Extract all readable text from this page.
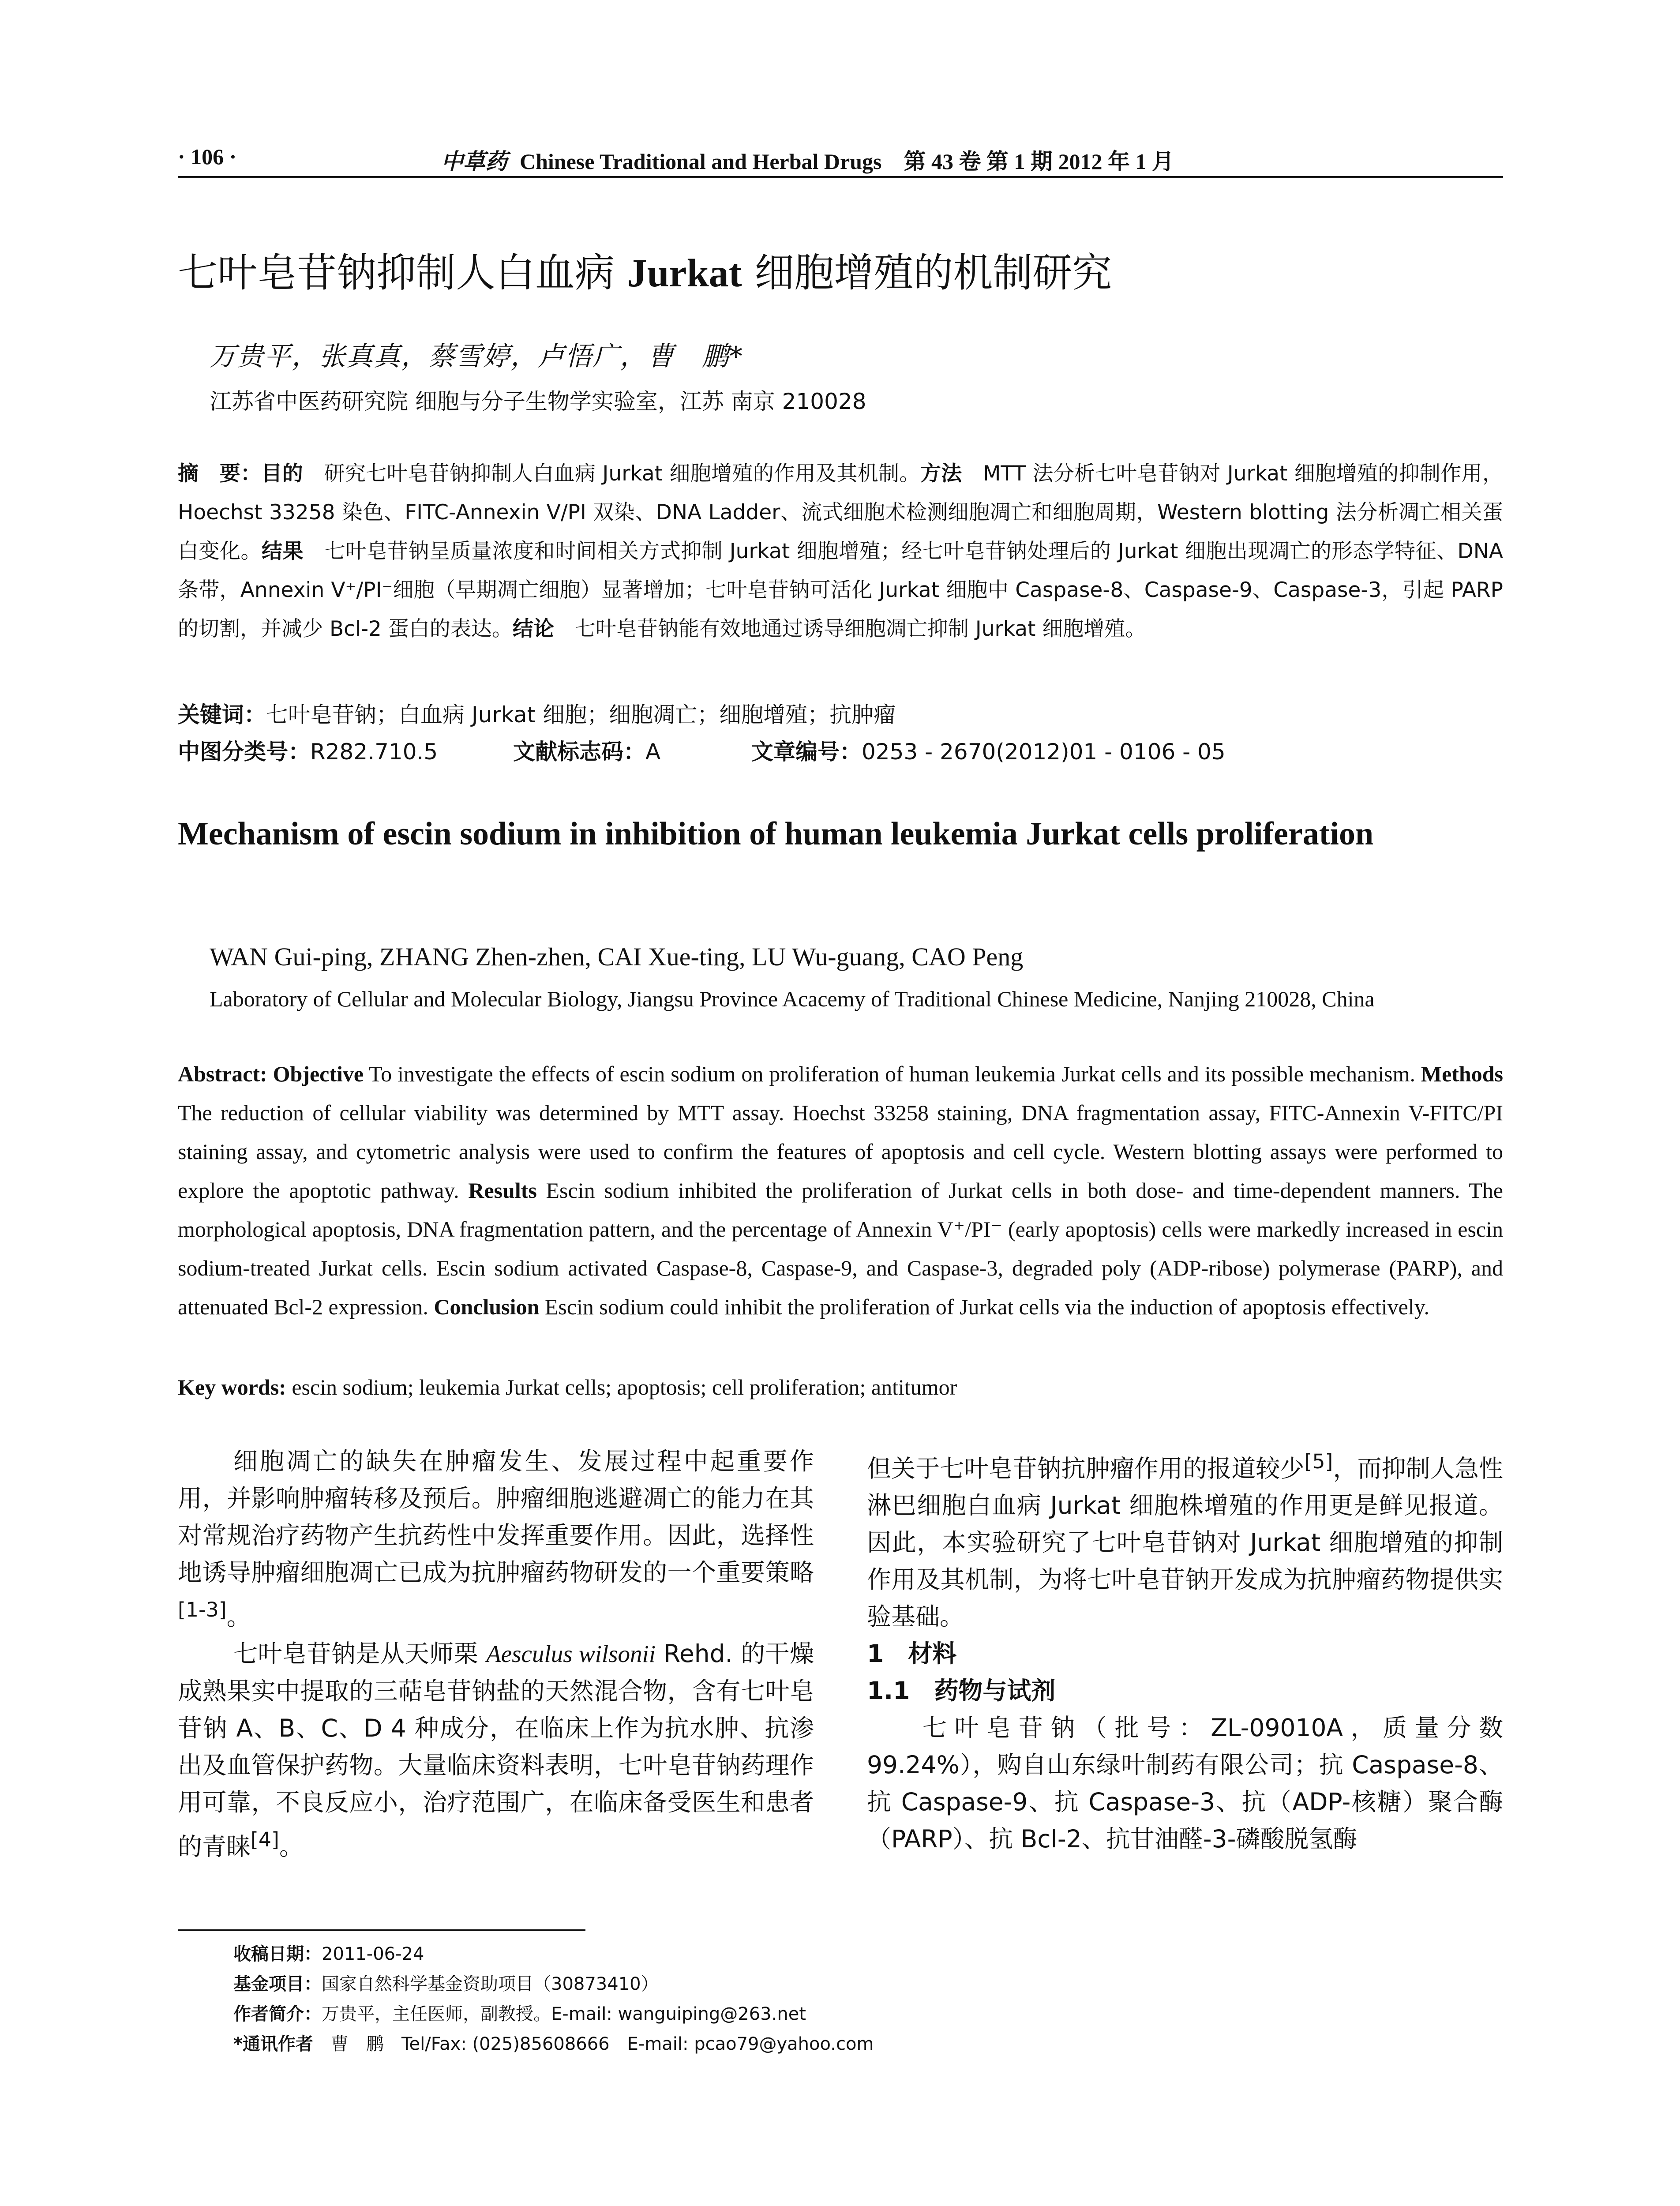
· 106 ·	中草药 Chinese Traditional and Herbal Drugs 第 43 卷 第 1 期 2012 年 1 月
七叶皂苷钠抑制人白血病 Jurkat 细胞增殖的机制研究
万贵平，张真真，蔡雪婷，卢悟广，曹　鹏*
江苏省中医药研究院 细胞与分子生物学实验室，江苏 南京 210028
摘　要：目的　研究七叶皂苷钠抑制人白血病 Jurkat 细胞增殖的作用及其机制。方法　MTT 法分析七叶皂苷钠对 Jurkat 细胞增殖的抑制作用，Hoechst 33258 染色、FITC-Annexin V/PI 双染、DNA Ladder、流式细胞术检测细胞凋亡和细胞周期，Western blotting 法分析凋亡相关蛋白变化。结果　七叶皂苷钠呈质量浓度和时间相关方式抑制 Jurkat 细胞增殖；经七叶皂苷钠处理后的 Jurkat 细胞出现凋亡的形态学特征、DNA 条带，Annexin V⁺/PI⁻细胞（早期凋亡细胞）显著增加；七叶皂苷钠可活化 Jurkat 细胞中 Caspase-8、Caspase-9、Caspase-3，引起 PARP 的切割，并减少 Bcl-2 蛋白的表达。结论　七叶皂苷钠能有效地通过诱导细胞凋亡抑制 Jurkat 细胞增殖。
关键词：七叶皂苷钠；白血病 Jurkat 细胞；细胞凋亡；细胞增殖；抗肿瘤
中图分类号：R282.710.5	文献标志码：A	文章编号：0253 - 2670(2012)01 - 0106 - 05
Mechanism of escin sodium in inhibition of human leukemia Jurkat cells proliferation
WAN Gui-ping, ZHANG Zhen-zhen, CAI Xue-ting, LU Wu-guang, CAO Peng
Laboratory of Cellular and Molecular Biology, Jiangsu Province Acacemy of Traditional Chinese Medicine, Nanjing 210028, China
Abstract: Objective To investigate the effects of escin sodium on proliferation of human leukemia Jurkat cells and its possible mechanism. Methods The reduction of cellular viability was determined by MTT assay. Hoechst 33258 staining, DNA fragmentation assay, FITC-Annexin V-FITC/PI staining assay, and cytometric analysis were used to confirm the features of apoptosis and cell cycle. Western blotting assays were performed to explore the apoptotic pathway. Results Escin sodium inhibited the proliferation of Jurkat cells in both dose- and time-dependent manners. The morphological apoptosis, DNA fragmentation pattern, and the percentage of Annexin V⁺/PI⁻ (early apoptosis) cells were markedly increased in escin sodium-treated Jurkat cells. Escin sodium activated Caspase-8, Caspase-9, and Caspase-3, degraded poly (ADP-ribose) polymerase (PARP), and attenuated Bcl-2 expression. Conclusion Escin sodium could inhibit the proliferation of Jurkat cells via the induction of apoptosis effectively.
Key words: escin sodium; leukemia Jurkat cells; apoptosis; cell proliferation; antitumor

细胞凋亡的缺失在肿瘤发生、发展过程中起重要作用，并影响肿瘤转移及预后。肿瘤细胞逃避凋亡的能力在其对常规治疗药物产生抗药性中发挥重要作用。因此，选择性地诱导肿瘤细胞凋亡已成为抗肿瘤药物研发的一个重要策略[1-3]。

七叶皂苷钠是从天师栗 Aesculus wilsonii Rehd. 的干燥成熟果实中提取的三萜皂苷钠盐的天然混合物，含有七叶皂苷钠 A、B、C、D 4 种成分，在临床上作为抗水肿、抗渗出及血管保护药物。大量临床资料表明，七叶皂苷钠药理作用可靠，不良反应小，治疗范围广，在临床备受医生和患者的青睐[4]。

但关于七叶皂苷钠抗肿瘤作用的报道较少[5]，而抑制人急性淋巴细胞白血病 Jurkat 细胞株增殖的作用更是鲜见报道。因此，本实验研究了七叶皂苷钠对 Jurkat 细胞增殖的抑制作用及其机制，为将七叶皂苷钠开发成为抗肿瘤药物提供实验基础。

1　材料
1.1　药物与试剂

七叶皂苷钠（批号：ZL-09010A，质量分数 99.24%），购自山东绿叶制药有限公司；抗 Caspase-8、抗 Caspase-9、抗 Caspase-3、抗（ADP-核糖）聚合酶（PARP）、抗 Bcl-2、抗甘油醛-3-磷酸脱氢酶

收稿日期：2011-06-24
基金项目：国家自然科学基金资助项目（30873410）
作者简介：万贵平，主任医师，副教授。E-mail: wanguiping@263.net
*通讯作者　曹　鹏　Tel/Fax: (025)85608666　E-mail: pcao79@yahoo.com
